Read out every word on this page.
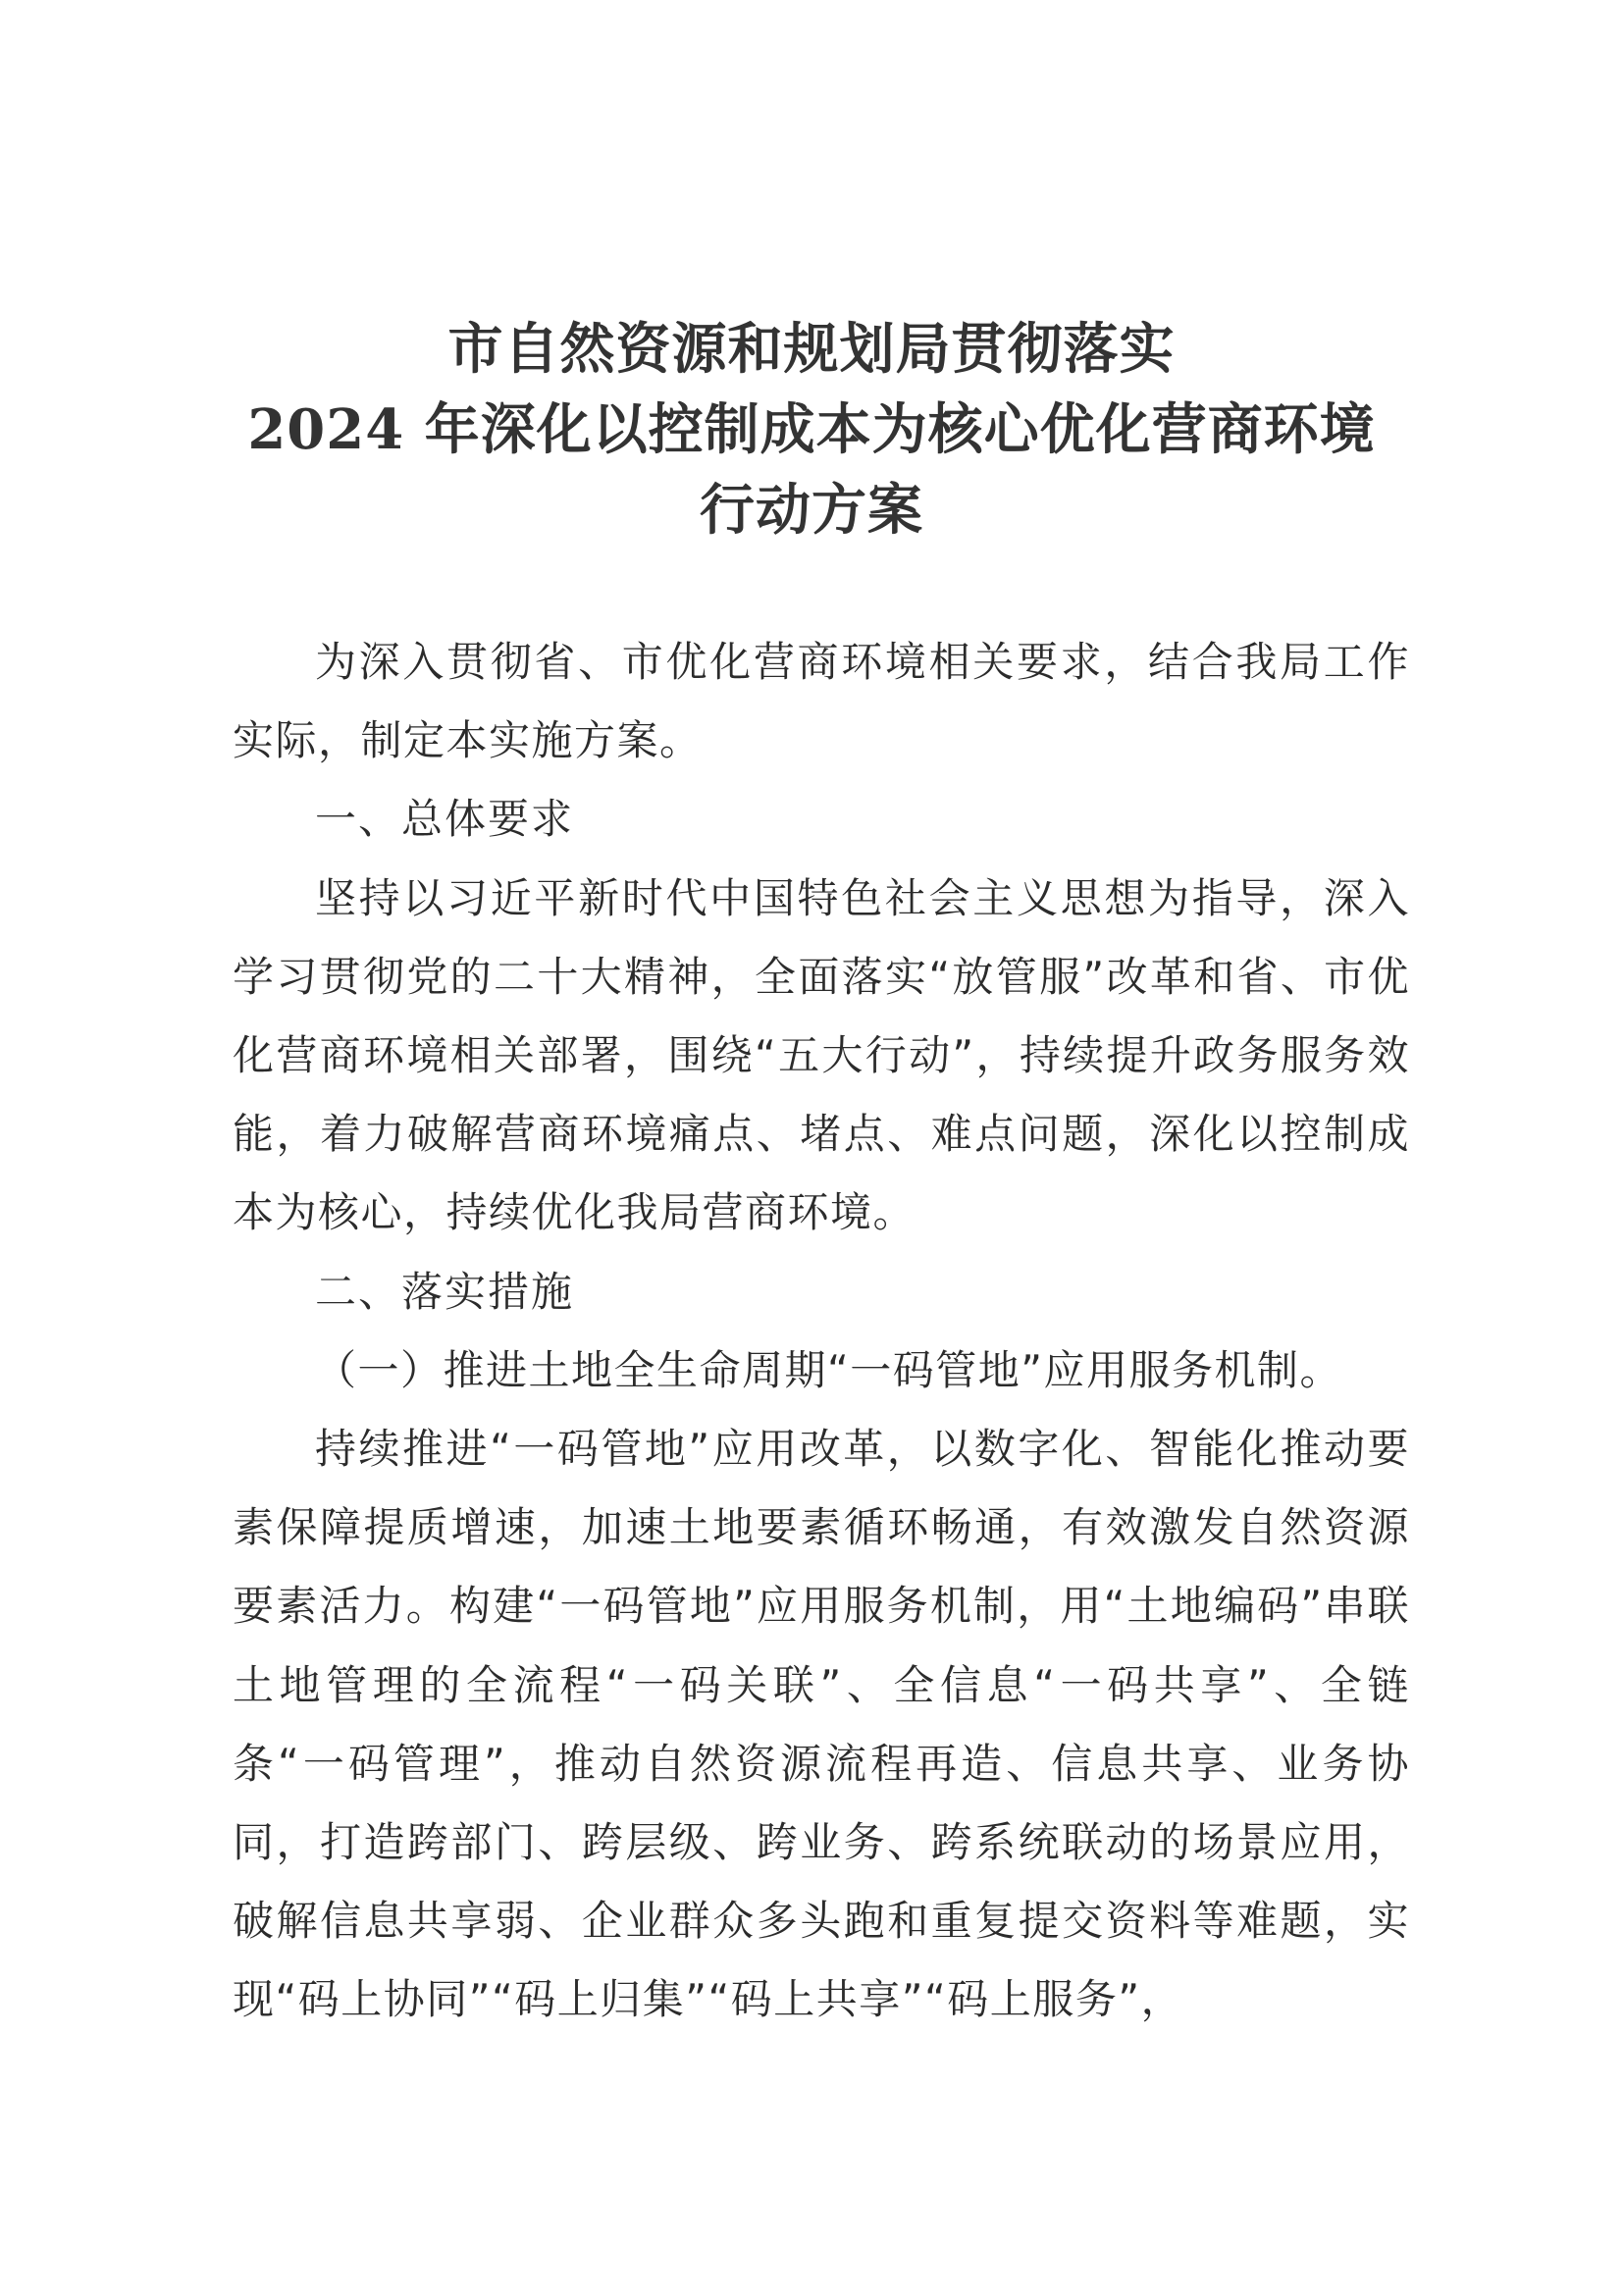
市自然资源和规划局贯彻落实
2024 年深化以控制成本为核心优化营商环境
行动方案

为深入贯彻省、市优化营商环境相关要求，结合我局工作实际，制定本实施方案。

一、总体要求

坚持以习近平新时代中国特色社会主义思想为指导，深入学习贯彻党的二十大精神，全面落实“放管服”改革和省、市优化营商环境相关部署，围绕“五大行动”，持续提升政务服务效能，着力破解营商环境痛点、堵点、难点问题，深化以控制成本为核心，持续优化我局营商环境。

二、落实措施

（一）推进土地全生命周期“一码管地”应用服务机制。

持续推进“一码管地”应用改革，以数字化、智能化推动要素保障提质增速，加速土地要素循环畅通，有效激发自然资源要素活力。构建“一码管地”应用服务机制，用“土地编码”串联土地管理的全流程“一码关联”、全信息“一码共享”、全链条“一码管理”，推动自然资源流程再造、信息共享、业务协同，打造跨部门、跨层级、跨业务、跨系统联动的场景应用，破解信息共享弱、企业群众多头跑和重复提交资料等难题，实现“码上协同”“码上归集”“码上共享”“码上服务”，
